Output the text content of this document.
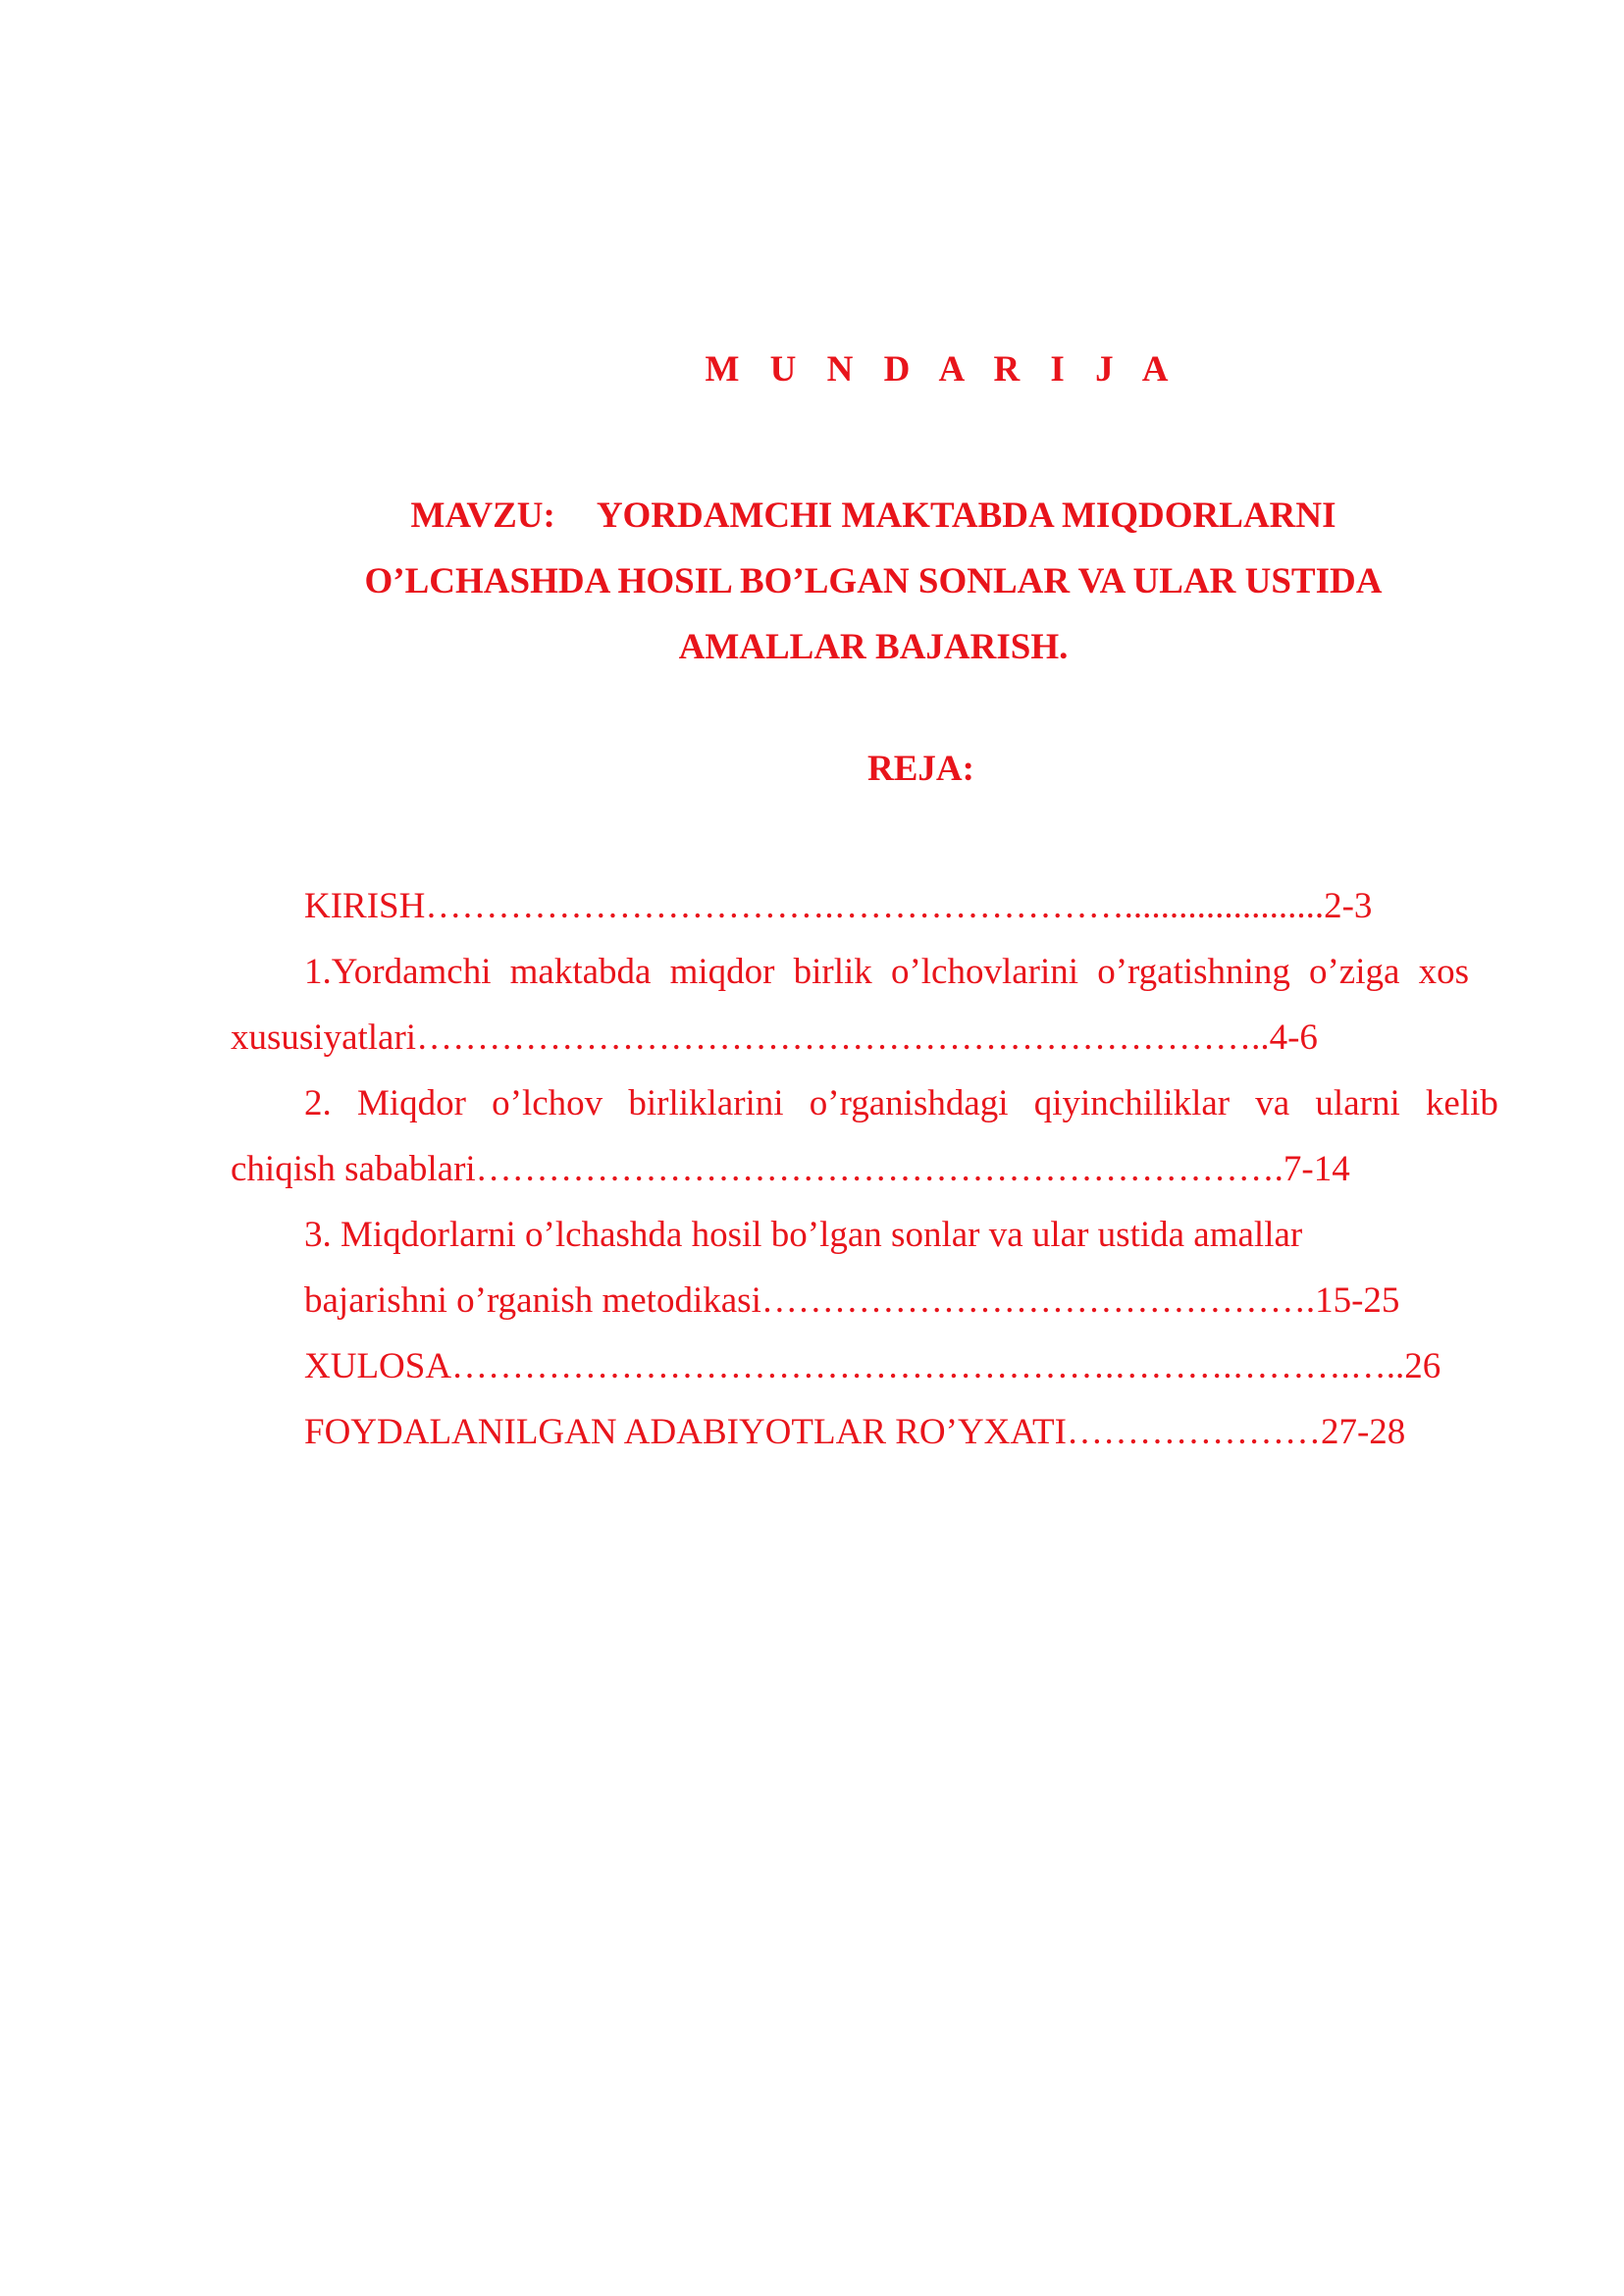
M U N D A R I J A
MAVZU: YORDAMCHI MAKTABDA MIQDORLARNI
O’LCHASHDA HOSIL BO’LGAN SONLAR VA ULAR USTIDA
AMALLAR BAJARISH.
REJA:
KIRISH…………………………….……………………......................2-3
1.Yordamchi maktabda miqdor birlik o’lchovlarini o’rgatishning o’ziga xos
xususiyatlari……………………………………………………………..4-6
2. Miqdor o’lchov birliklarini o’rganishdagi qiyinchiliklar va ularni kelib
chiqish sabablari………………………………………………………….7-14
3. Miqdorlarni o’lchashda hosil bo’lgan sonlar va ular ustida amallar
bajarishni o’rganish metodikasi……………………………………….15-25
XULOSA……………………………………………….……….……….…..26
FOYDALANILGAN ADABIYOTLAR RO’YXATI…………………27-28
